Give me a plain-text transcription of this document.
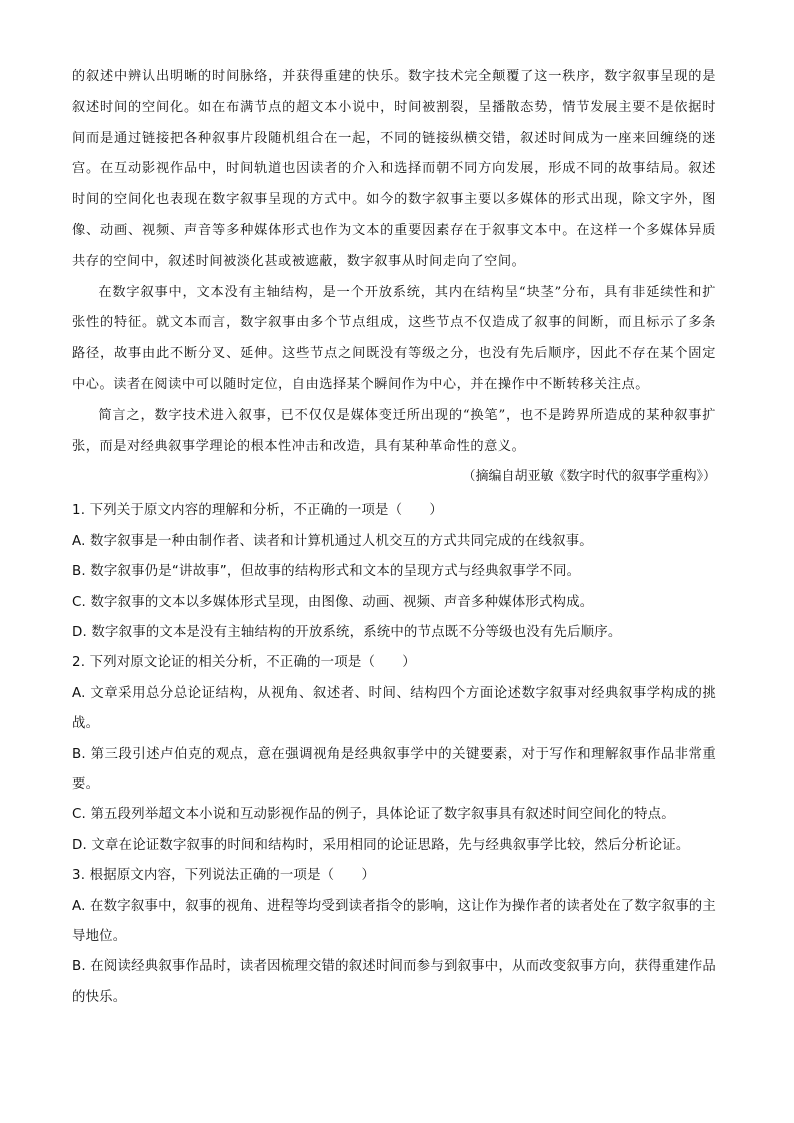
的叙述中辨认出明晰的时间脉络，并获得重建的快乐。数字技术完全颠覆了这一秩序，数字叙事呈现的是叙述时间的空间化。如在布满节点的超文本小说中，时间被割裂，呈播散态势，情节发展主要不是依据时间而是通过链接把各种叙事片段随机组合在一起，不同的链接纵横交错，叙述时间成为一座来回缠绕的迷宫。在互动影视作品中，时间轨道也因读者的介入和选择而朝不同方向发展，形成不同的故事结局。叙述时间的空间化也表现在数字叙事呈现的方式中。如今的数字叙事主要以多媒体的形式出现，除文字外，图像、动画、视频、声音等多种媒体形式也作为文本的重要因素存在于叙事文本中。在这样一个多媒体异质共存的空间中，叙述时间被淡化甚或被遮蔽，数字叙事从时间走向了空间。

在数字叙事中，文本没有主轴结构，是一个开放系统，其内在结构呈“块茎”分布，具有非延续性和扩张性的特征。就文本而言，数字叙事由多个节点组成，这些节点不仅造成了叙事的间断，而且标示了多条路径，故事由此不断分叉、延伸。这些节点之间既没有等级之分，也没有先后顺序，因此不存在某个固定中心。读者在阅读中可以随时定位，自由选择某个瞬间作为中心，并在操作中不断转移关注点。

简言之，数字技术进入叙事，已不仅仅是媒体变迁所出现的“换笔”，也不是跨界所造成的某种叙事扩张，而是对经典叙事学理论的根本性冲击和改造，具有某种革命性的意义。

（摘编自胡亚敏《数字时代的叙事学重构》）

1. 下列关于原文内容的理解和分析，不正确的一项是（　　）

A. 数字叙事是一种由制作者、读者和计算机通过人机交互的方式共同完成的在线叙事。

B. 数字叙事仍是“讲故事”，但故事的结构形式和文本的呈现方式与经典叙事学不同。

C. 数字叙事的文本以多媒体形式呈现，由图像、动画、视频、声音多种媒体形式构成。

D. 数字叙事的文本是没有主轴结构的开放系统，系统中的节点既不分等级也没有先后顺序。

2. 下列对原文论证的相关分析，不正确的一项是（　　）

A. 文章采用总分总论证结构，从视角、叙述者、时间、结构四个方面论述数字叙事对经典叙事学构成的挑战。

B. 第三段引述卢伯克的观点，意在强调视角是经典叙事学中的关键要素，对于写作和理解叙事作品非常重要。

C. 第五段列举超文本小说和互动影视作品的例子，具体论证了数字叙事具有叙述时间空间化的特点。

D. 文章在论证数字叙事的时间和结构时，采用相同的论证思路，先与经典叙事学比较，然后分析论证。

3. 根据原文内容，下列说法正确的一项是（　　）

A. 在数字叙事中，叙事的视角、进程等均受到读者指令的影响，这让作为操作者的读者处在了数字叙事的主导地位。

B. 在阅读经典叙事作品时，读者因梳理交错的叙述时间而参与到叙事中，从而改变叙事方向，获得重建作品的快乐。
